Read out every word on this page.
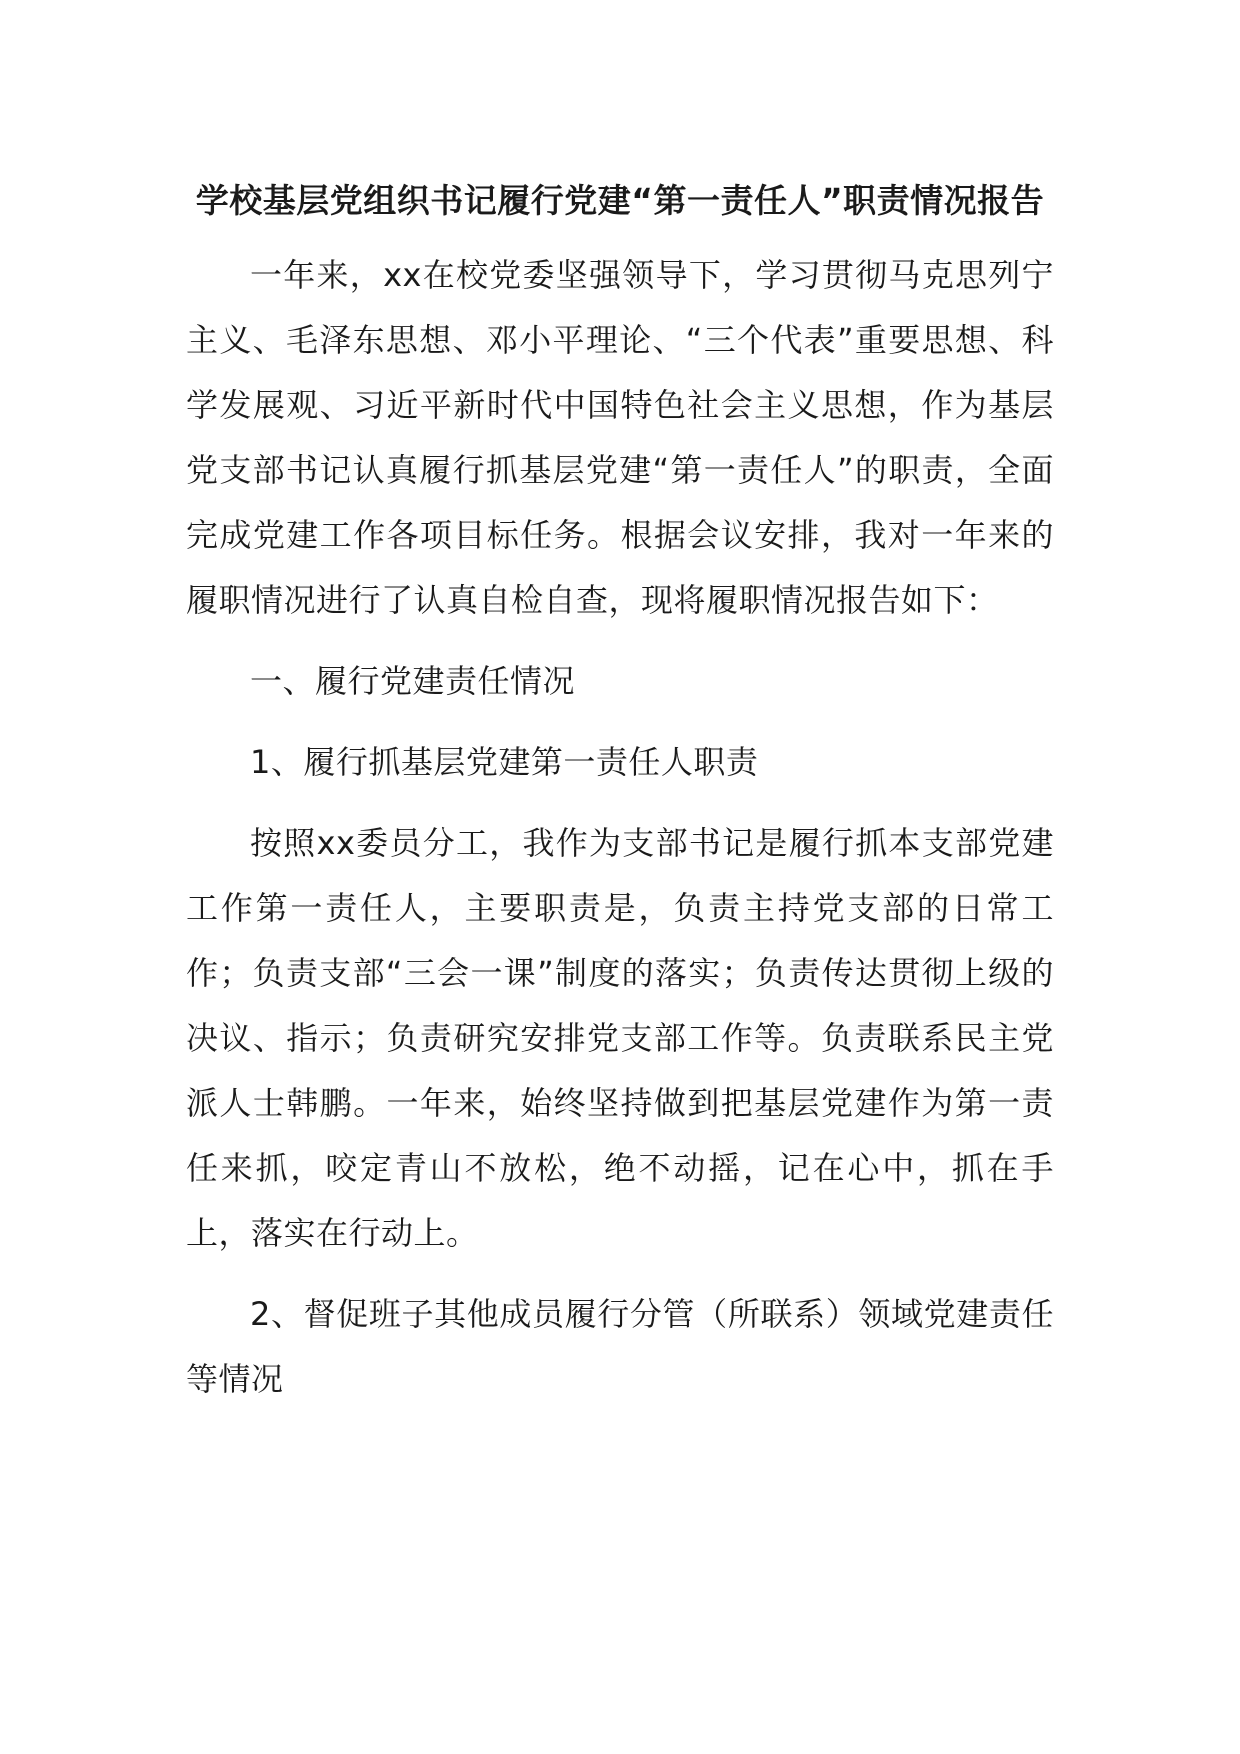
学校基层党组织书记履行党建“第一责任人”职责情况报告

一年来，xx在校党委坚强领导下，学习贯彻马克思列宁主义、毛泽东思想、邓小平理论、“三个代表”重要思想、科学发展观、习近平新时代中国特色社会主义思想，作为基层党支部书记认真履行抓基层党建“第一责任人”的职责，全面完成党建工作各项目标任务。根据会议安排，我对一年来的履职情况进行了认真自检自查，现将履职情况报告如下：

一、履行党建责任情况

1、履行抓基层党建第一责任人职责

按照xx委员分工，我作为支部书记是履行抓本支部党建工作第一责任人，主要职责是，负责主持党支部的日常工作；负责支部“三会一课”制度的落实；负责传达贯彻上级的决议、指示；负责研究安排党支部工作等。负责联系民主党派人士韩鹏。一年来，始终坚持做到把基层党建作为第一责任来抓，咬定青山不放松，绝不动摇，记在心中，抓在手上，落实在行动上。

2、督促班子其他成员履行分管（所联系）领域党建责任等情况
